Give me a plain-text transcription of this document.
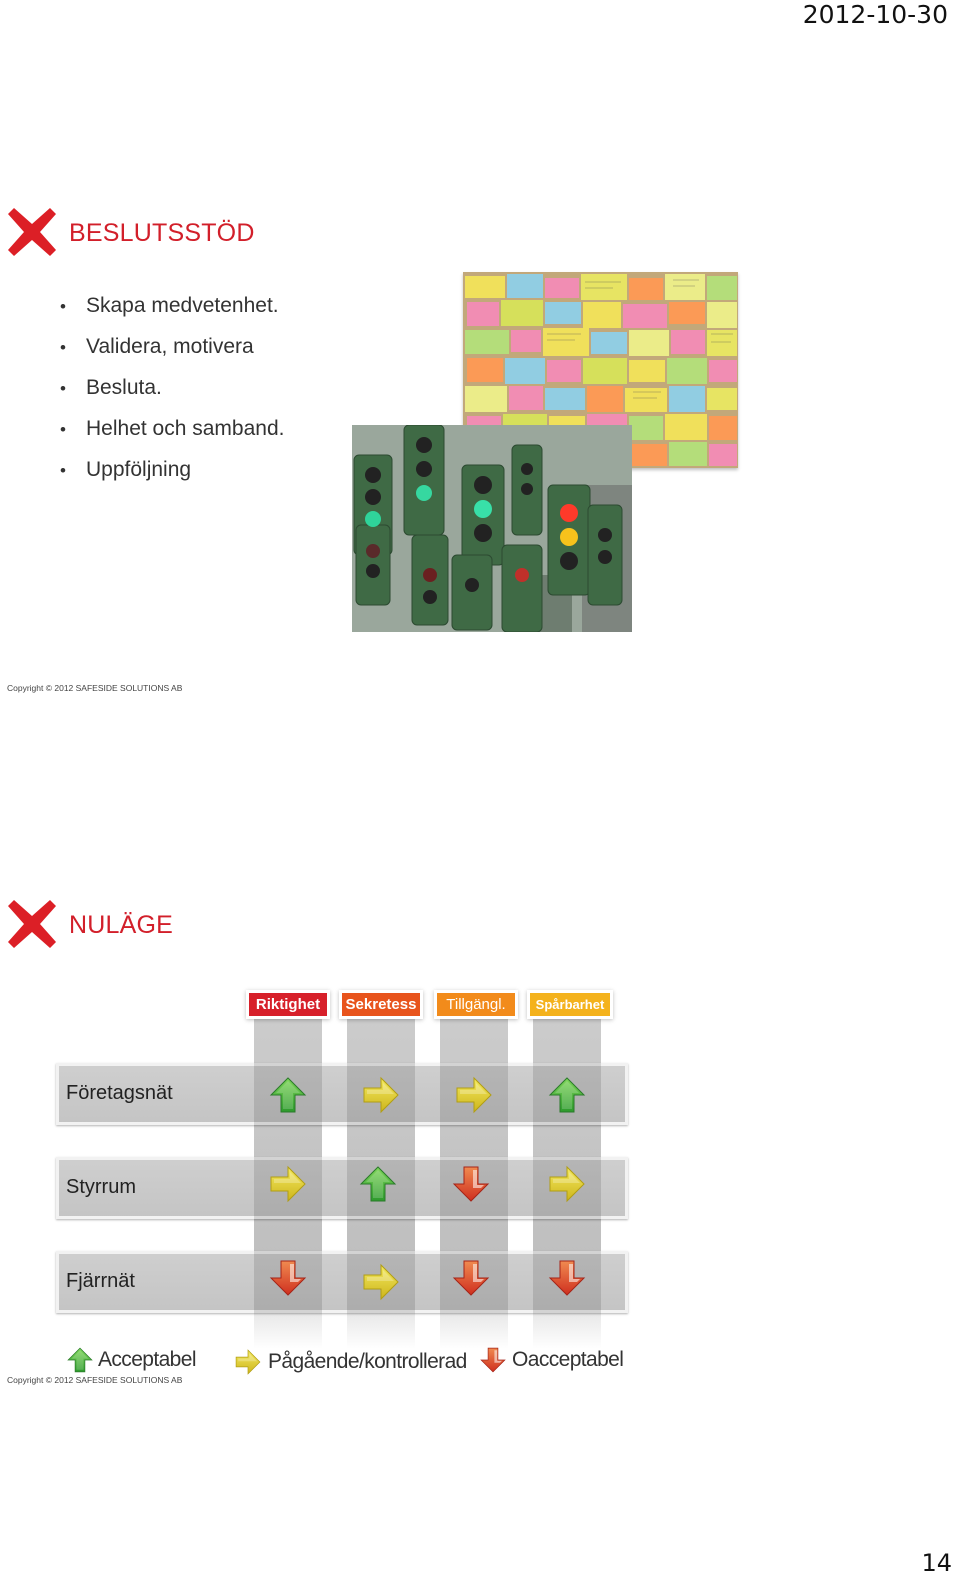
2012-10-30
14
BESLUTSSTÖD
• Skapa medvetenhet.
• Validera, motivera
• Besluta.
• Helhet och samband.
• Uppföljning
Copyright © 2012 SAFESIDE SOLUTIONS AB
NULÄGE
Riktighet	Sekretess	Tillgängl.	Spårbarhet
Företagsnät
Styrrum
Fjärrnät
Acceptabel	Pågående/kontrollerad Oacceptabel
Copyright © 2012 SAFESIDE SOLUTIONS AB
